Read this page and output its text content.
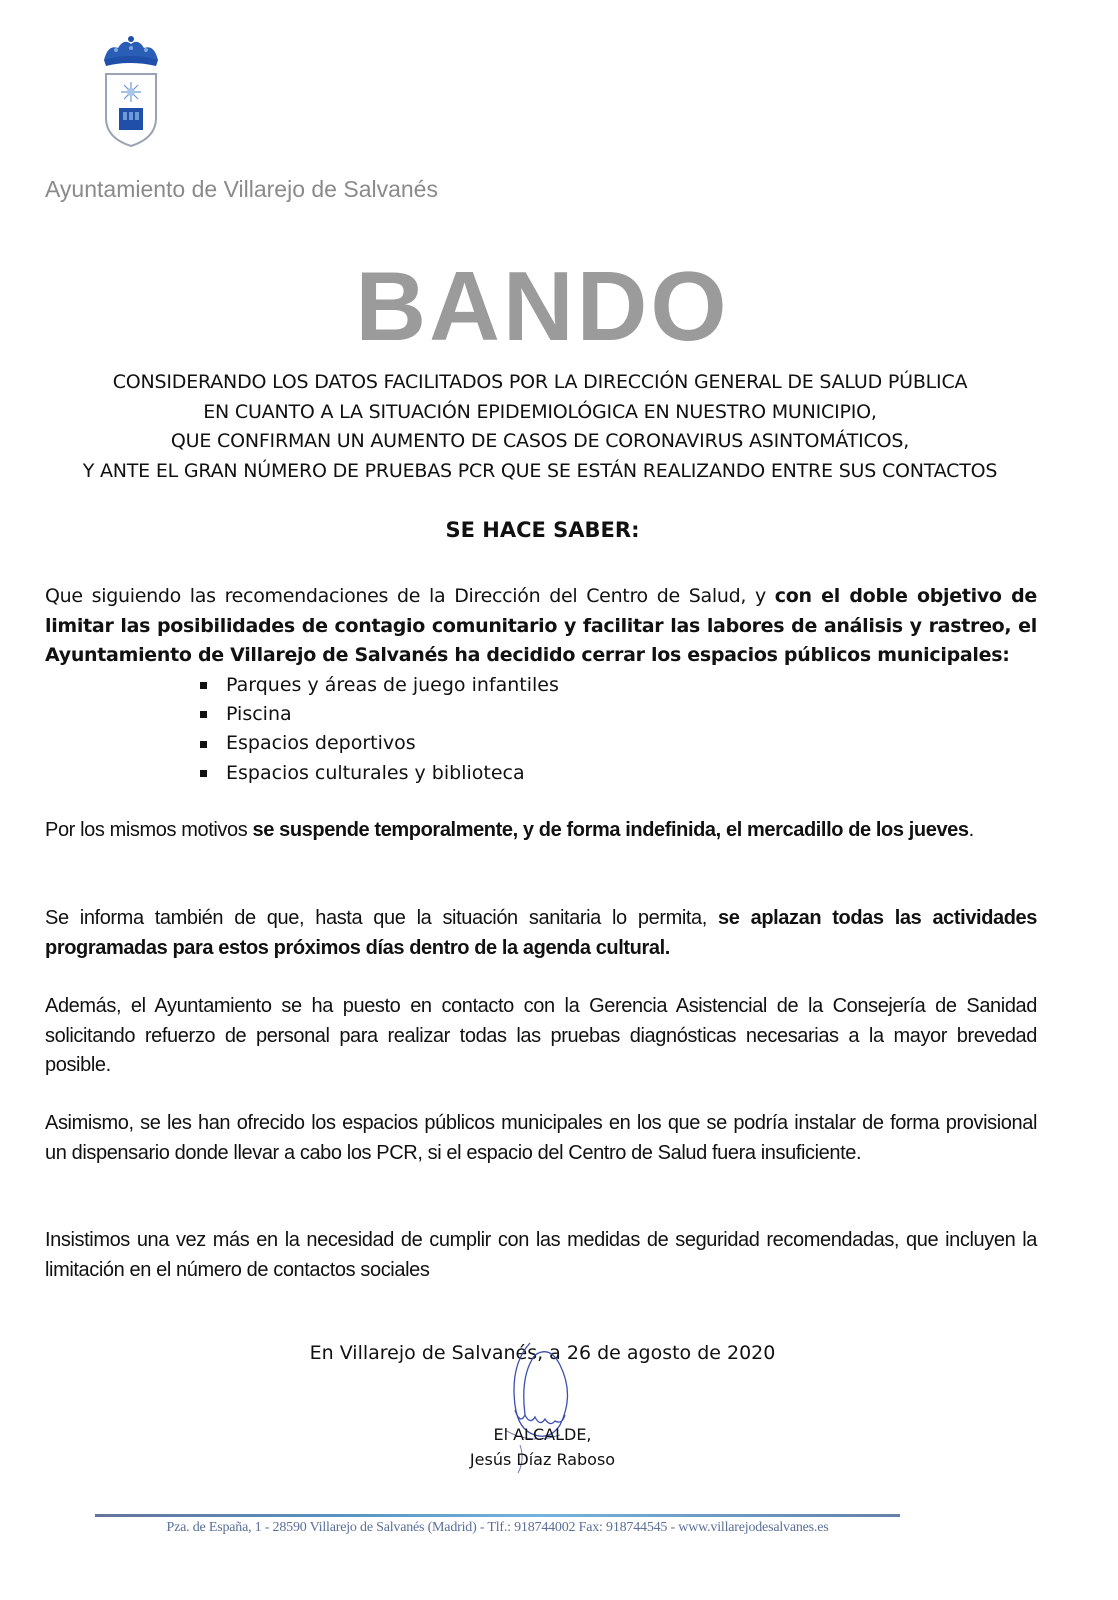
Ayuntamiento de Villarejo de Salvanés
BANDO
CONSIDERANDO LOS DATOS FACILITADOS POR LA DIRECCIÓN GENERAL DE SALUD PÚBLICA
EN CUANTO A LA SITUACIÓN EPIDEMIOLÓGICA EN NUESTRO MUNICIPIO,
QUE CONFIRMAN UN AUMENTO DE CASOS DE CORONAVIRUS ASINTOMÁTICOS,
Y ANTE EL GRAN NÚMERO DE PRUEBAS PCR QUE SE ESTÁN REALIZANDO ENTRE SUS CONTACTOS
SE HACE SABER:
Que siguiendo las recomendaciones de la Dirección del Centro de Salud, y con el doble objetivo de limitar las posibilidades de contagio comunitario y facilitar las labores de análisis y rastreo, el Ayuntamiento de Villarejo de Salvanés ha decidido cerrar los espacios públicos municipales:
Parques y áreas de juego infantiles
Piscina
Espacios deportivos
Espacios culturales y biblioteca
Por los mismos motivos se suspende temporalmente, y de forma indefinida, el mercadillo de los jueves.
Se informa también de que, hasta que la situación sanitaria lo permita, se aplazan todas las actividades programadas para estos próximos días dentro de la agenda cultural.
Además, el Ayuntamiento se ha puesto en contacto con la Gerencia Asistencial de la Consejería de Sanidad solicitando refuerzo de personal para realizar todas las pruebas diagnósticas necesarias a la mayor brevedad posible.
Asimismo, se les han ofrecido los espacios públicos municipales en los que se podría instalar de forma provisional un dispensario donde llevar a cabo los PCR, si el espacio del Centro de Salud fuera insuficiente.
Insistimos una vez más en la necesidad de cumplir con las medidas de seguridad recomendadas, que incluyen la limitación en el número de contactos sociales
En Villarejo de Salvanés, a 26 de agosto de 2020
El ALCALDE,
Jesús Díaz Raboso
Pza. de España, 1 - 28590 Villarejo de Salvanés (Madrid) - Tlf.: 918744002 Fax: 918744545 - www.villarejodesalvanes.es
